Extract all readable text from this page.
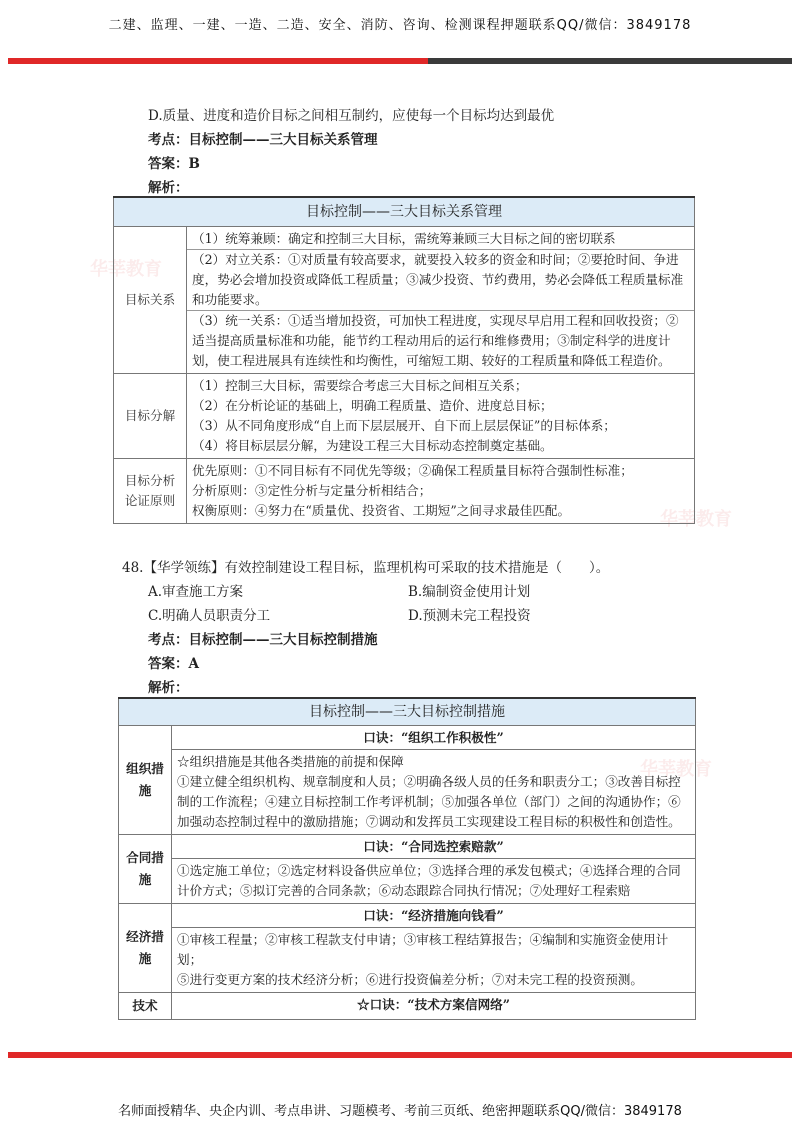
二建、监理、一建、一造、二造、安全、消防、咨询、检测课程押题联系QQ/微信：3849178
华莘教育
华莘教育
华莘教育
D.质量、进度和造价目标之间相互制约，应使每一个目标均达到最优
考点：目标控制——三大目标关系管理
答案：B
解析：
目标控制——三大目标关系管理	
目标关系	（1）统筹兼顾：确定和控制三大目标，需统筹兼顾三大目标之间的密切联系
（2）对立关系：①对质量有较高要求，就要投入较多的资金和时间；②要抢时间、争进度，势必会增加投资或降低工程质量；③减少投资、节约费用，势必会降低工程质量标准和功能要求。
（3）统一关系：①适当增加投资，可加快工程进度，实现尽早启用工程和回收投资；②适当提高质量标准和功能，能节约工程动用后的运行和维修费用；③制定科学的进度计划，使工程进展具有连续性和均衡性，可缩短工期、较好的工程质量和降低工程造价。

目标分解	（1）控制三大目标，需要综合考虑三大目标之间相互关系；
（2）在分析论证的基础上，明确工程质量、造价、进度总目标；
（3）从不同角度形成“自上而下层层展开、自下而上层层保证”的目标体系；
（4）将目标层层分解，为建设工程三大目标动态控制奠定基础。

目标分析论证原则	优先原则：①不同目标有不同优先等级；②确保工程质量目标符合强制性标准；
分析原则：③定性分析与定量分析相结合；
权衡原则：④努力在“质量优、投资省、工期短”之间寻求最佳匹配。
48.【华学领练】有效控制建设工程目标，监理机构可采取的技术措施是（　　）。
A.审查施工方案	B.编制资金使用计划
C.明确人员职责分工	D.预测未完工程投资
考点：目标控制——三大目标控制措施
答案：A
解析：
目标控制——三大目标控制措施	
组织措施	口诀：“组织工作积极性”
☆组织措施是其他各类措施的前提和保障
①建立健全组织机构、规章制度和人员；②明确各级人员的任务和职责分工；③改善目标控制的工作流程；④建立目标控制工作考评机制；⑤加强各单位（部门）之间的沟通协作；⑥加强动态控制过程中的激励措施；⑦调动和发挥员工实现建设工程目标的积极性和创造性。

合同措施	口诀：“合同选控索赔款”
①选定施工单位；②选定材料设备供应单位；③选择合理的承发包模式；④选择合理的合同计价方式；⑤拟订完善的合同条款；⑥动态跟踪合同执行情况；⑦处理好工程索赔

经济措施	口诀：“经济措施向钱看”
①审核工程量；②审核工程款支付申请；③审核工程结算报告；④编制和实施资金使用计划；
⑤进行变更方案的技术经济分析；⑥进行投资偏差分析；⑦对未完工程的投资预测。

技术	☆口诀：“技术方案信网络”
名师面授精华、央企内训、考点串讲、习题模考、考前三页纸、绝密押题联系QQ/微信：3849178
